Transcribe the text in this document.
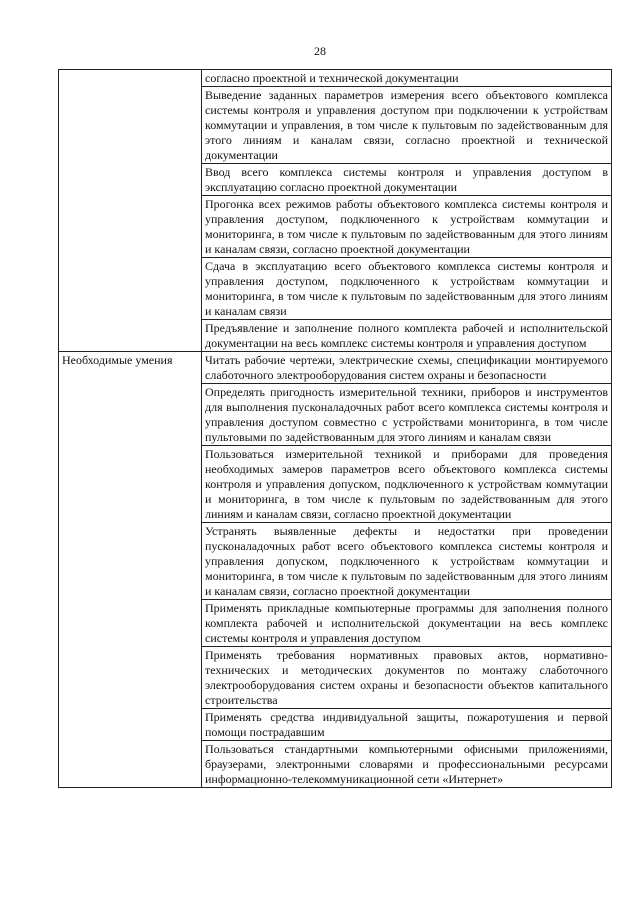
28

	согласно проектной и технической документации

	Выведение заданных параметров измерения всего объектового комплекса системы контроля и управления доступом при подключении к устройствам коммутации и управления, в том числе к пультовым по задействованным для этого линиям и каналам связи, согласно проектной и технической документации

	Ввод всего комплекса системы контроля и управления доступом в эксплуатацию согласно проектной документации

	Прогонка всех режимов работы объектового комплекса системы контроля и управления доступом, подключенного к устройствам коммутации и мониторинга, в том числе к пультовым по задействованным для этого линиям и каналам связи, согласно проектной документации

	Сдача в эксплуатацию всего объектового комплекса системы контроля и управления доступом, подключенного к устройствам коммутации и мониторинга, в том числе к пультовым по задействованным для этого линиям и каналам связи

	Предъявление и заполнение полного комплекта рабочей и исполнительской документации на весь комплекс системы контроля и управления доступом

Необходимые умения	Читать рабочие чертежи, электрические схемы, спецификации монтируемого слаботочного электрооборудования систем охраны и безопасности

	Определять пригодность измерительной техники, приборов и инструментов для выполнения пусконаладочных работ всего комплекса системы контроля и управления доступом совместно с устройствами мониторинга, в том числе пультовыми по задействованным для этого линиям и каналам связи

	Пользоваться измерительной техникой и приборами для проведения необходимых замеров параметров всего объектового комплекса системы контроля и управления допуском, подключенного к устройствам коммутации и мониторинга, в том числе к пультовым по задействованным для этого линиям и каналам связи, согласно проектной документации

	Устранять выявленные дефекты и недостатки при проведении пусконаладочных работ всего объектового комплекса системы контроля и управления допуском, подключенного к устройствам коммутации и мониторинга, в том числе к пультовым по задействованным для этого линиям и каналам связи, согласно проектной документации

	Применять прикладные компьютерные программы для заполнения полного комплекта рабочей и исполнительской документации на весь комплекс системы контроля и управления доступом

	Применять требования нормативных правовых актов, нормативно-технических и методических документов по монтажу слаботочного электрооборудования систем охраны и безопасности объектов капитального строительства

	Применять средства индивидуальной защиты, пожаротушения и первой помощи пострадавшим

	Пользоваться стандартными компьютерными офисными приложениями, браузерами, электронными словарями и профессиональными ресурсами информационно-телекоммуникационной сети «Интернет»
